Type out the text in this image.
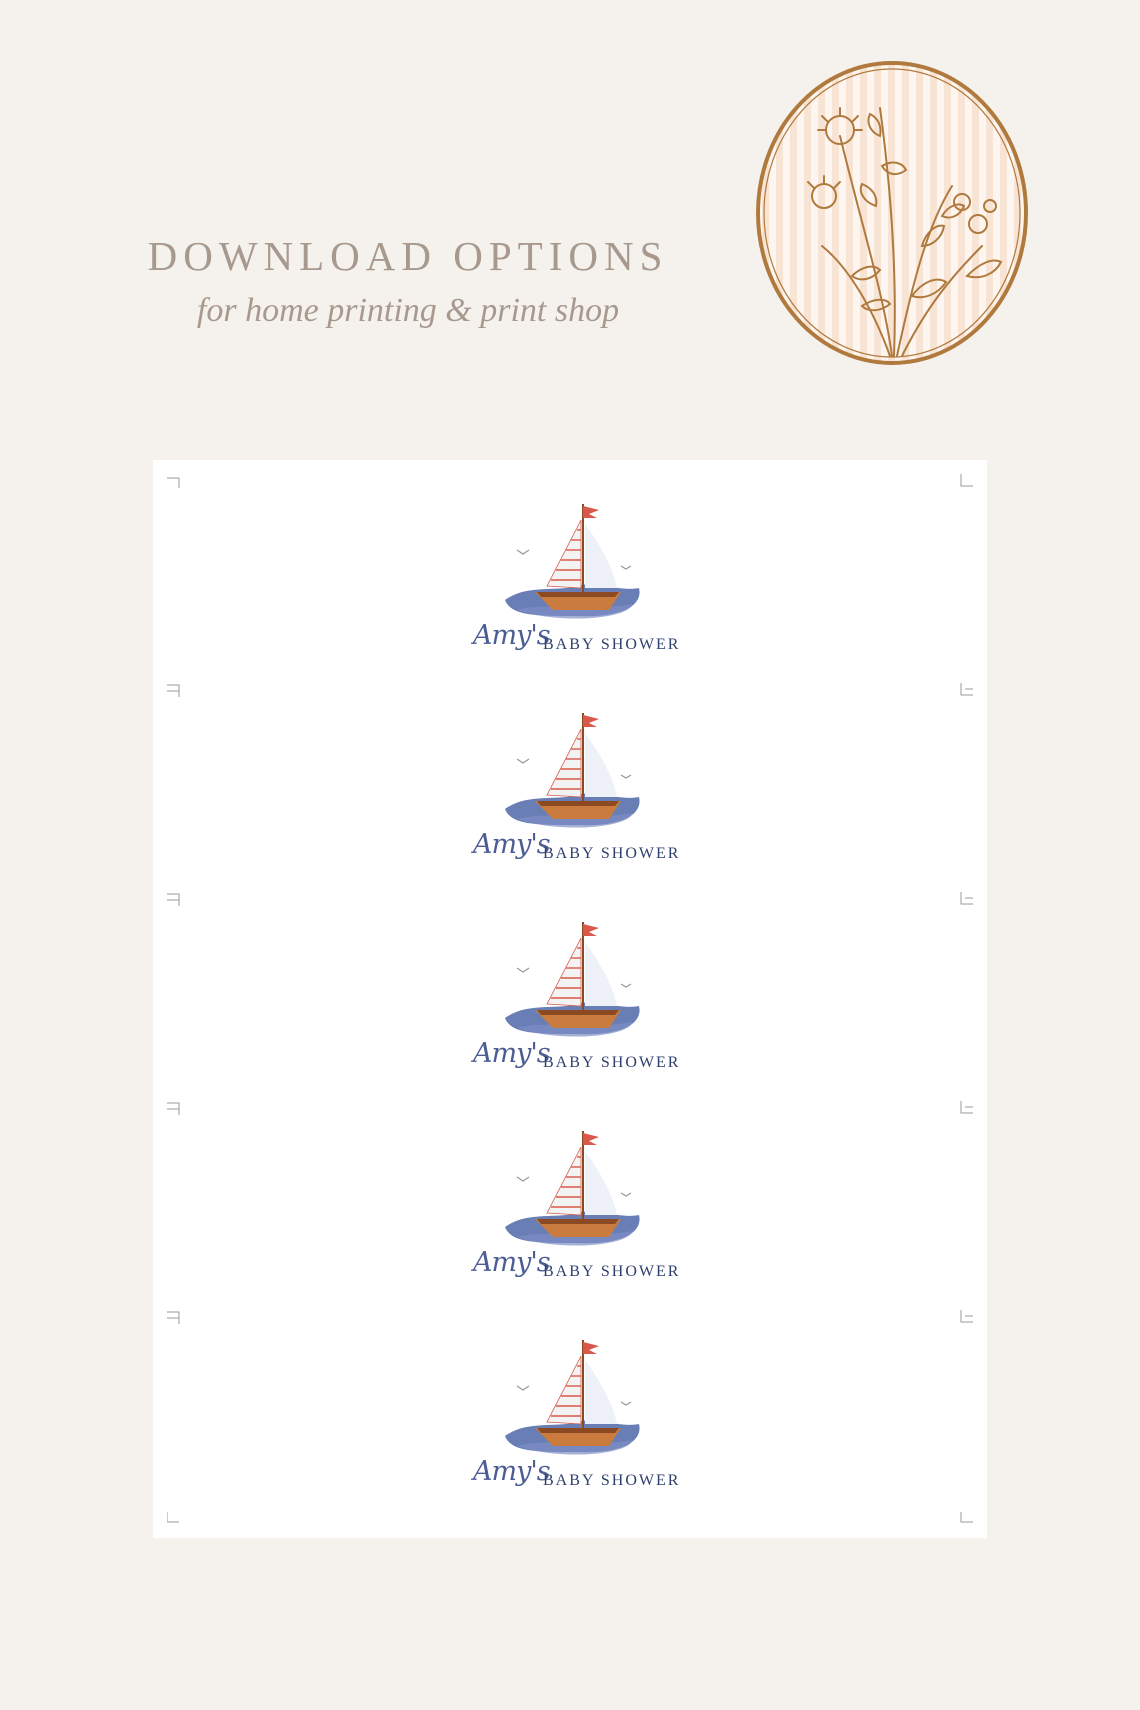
DOWNLOAD OPTIONS
for home printing & print shop
Amy's
BABY SHOWER
Amy's
BABY SHOWER
Amy's
BABY SHOWER
Amy's
BABY SHOWER
Amy's
BABY SHOWER
